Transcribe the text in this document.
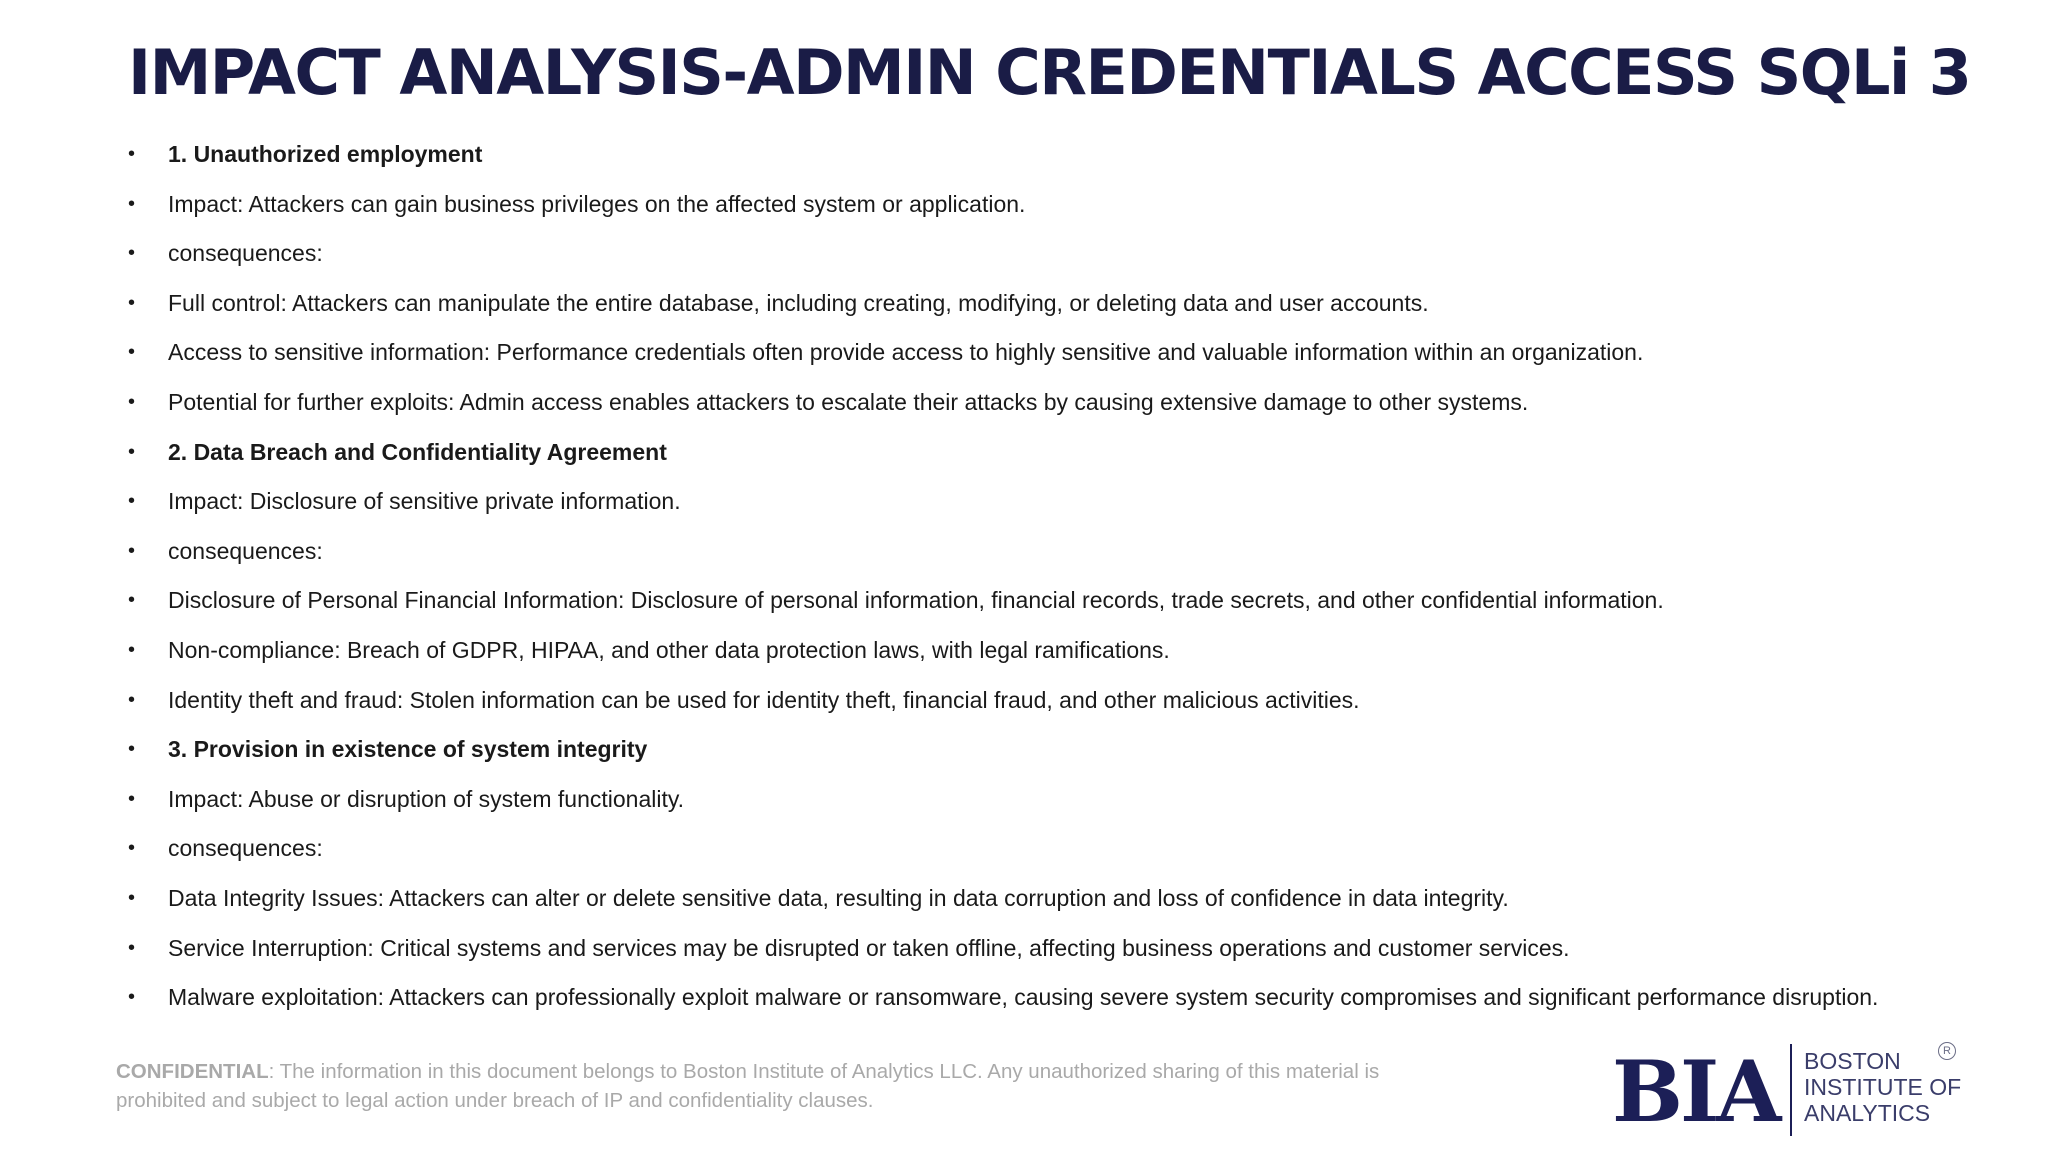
IMPACT ANALYSIS-ADMIN CREDENTIALS ACCESS SQLi 3
• 1. Unauthorized employment
• Impact: Attackers can gain business privileges on the affected system or application.
• consequences:
• Full control: Attackers can manipulate the entire database, including creating, modifying, or deleting data and user accounts.
• Access to sensitive information: Performance credentials often provide access to highly sensitive and valuable information within an organization.
• Potential for further exploits: Admin access enables attackers to escalate their attacks by causing extensive damage to other systems.
• 2. Data Breach and Confidentiality Agreement
• Impact: Disclosure of sensitive private information.
• consequences:
• Disclosure of Personal Financial Information: Disclosure of personal information, financial records, trade secrets, and other confidential information.
• Non-compliance: Breach of GDPR, HIPAA, and other data protection laws, with legal ramifications.
• Identity theft and fraud: Stolen information can be used for identity theft, financial fraud, and other malicious activities.
• 3. Provision in existence of system integrity
• Impact: Abuse or disruption of system functionality.
• consequences:
• Data Integrity Issues: Attackers can alter or delete sensitive data, resulting in data corruption and loss of confidence in data integrity.
• Service Interruption: Critical systems and services may be disrupted or taken offline, affecting business operations and customer services.
• Malware exploitation: Attackers can professionally exploit malware or ransomware, causing severe system security compromises and significant performance disruption.
CONFIDENTIAL: The information in this document belongs to Boston Institute of Analytics LLC. Any unauthorized sharing of this material is prohibited and subject to legal action under breach of IP and confidentiality clauses.	BIA BOSTON
INSTITUTE OF
ANALYTICS
R
